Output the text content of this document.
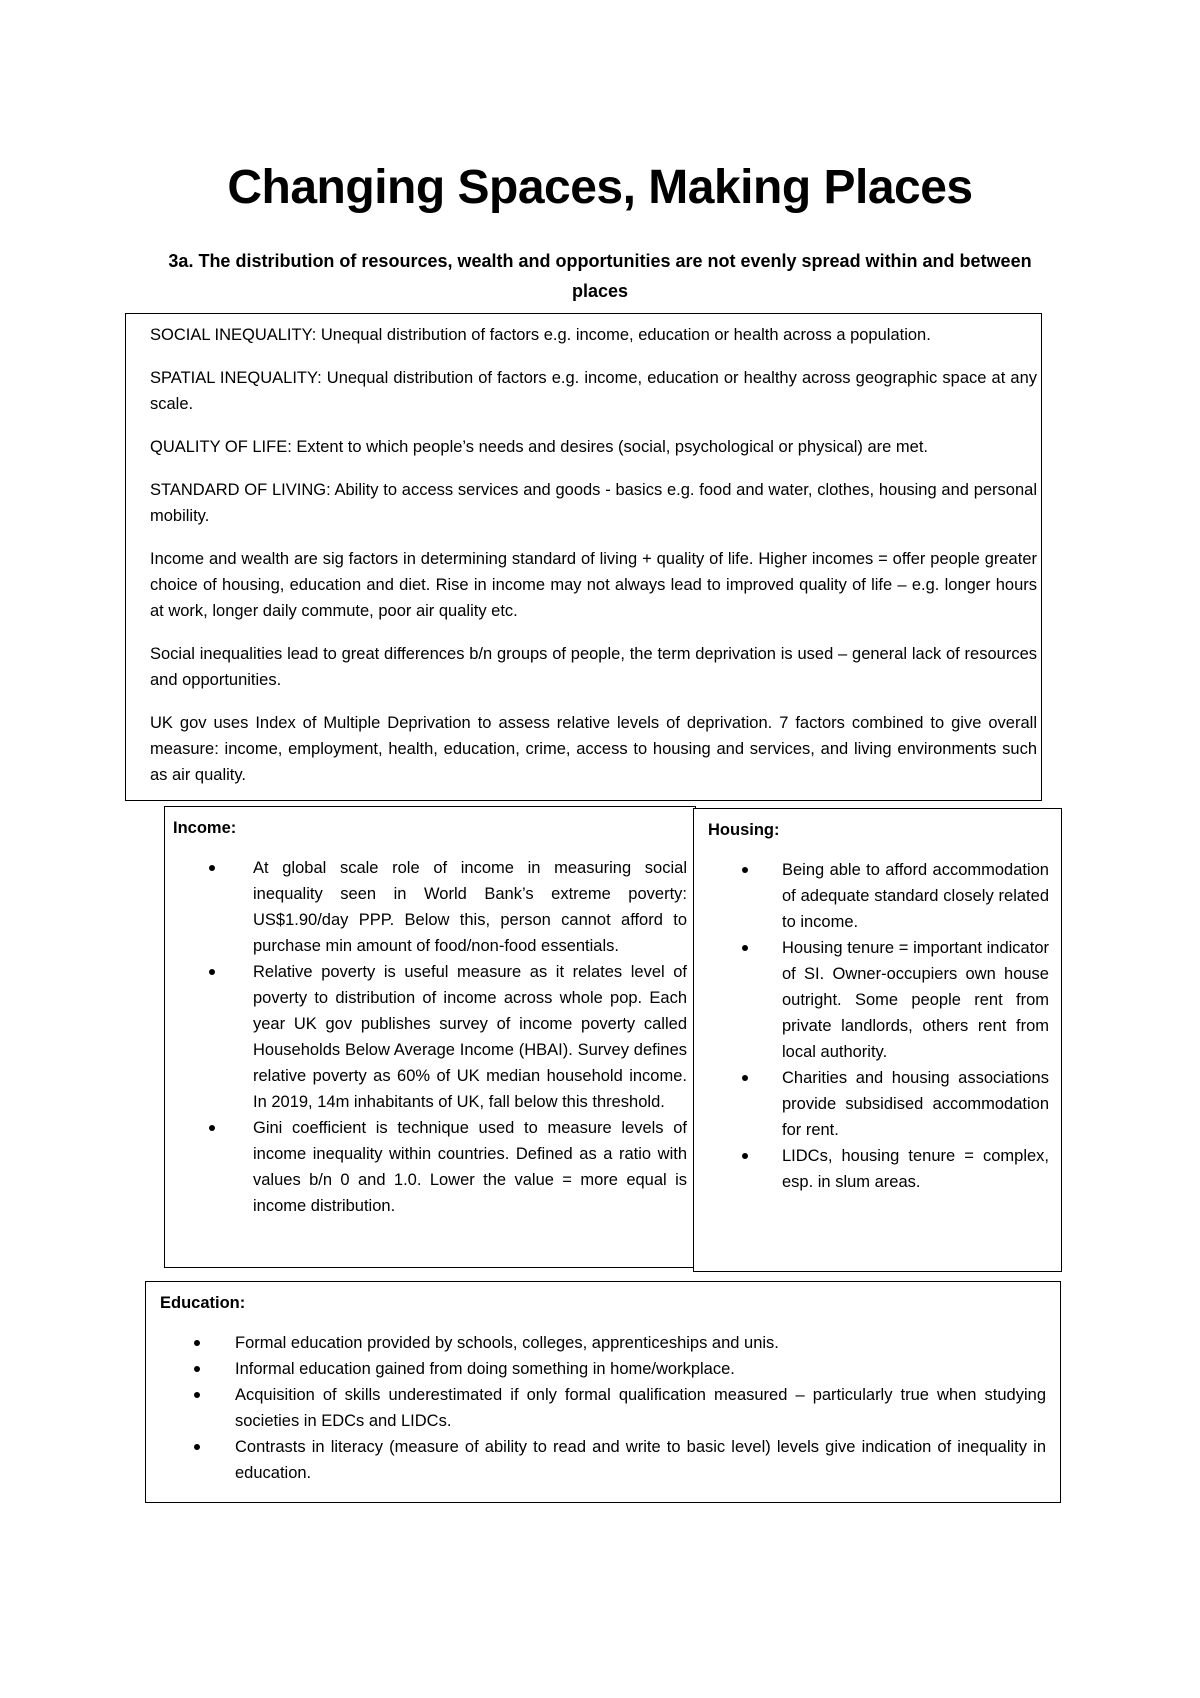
Changing Spaces, Making Places
3a. The distribution of resources, wealth and opportunities are not evenly spread within and between places

SOCIAL INEQUALITY: Unequal distribution of factors e.g. income, education or health across a population.

SPATIAL INEQUALITY: Unequal distribution of factors e.g. income, education or healthy across geographic space at any scale.

QUALITY OF LIFE: Extent to which people’s needs and desires (social, psychological or physical) are met.

STANDARD OF LIVING: Ability to access services and goods - basics e.g. food and water, clothes, housing and personal mobility.

Income and wealth are sig factors in determining standard of living + quality of life. Higher incomes = offer people greater choice of housing, education and diet. Rise in income may not always lead to improved quality of life – e.g. longer hours at work, longer daily commute, poor air quality etc.

Social inequalities lead to great differences b/n groups of people, the term deprivation is used – general lack of resources and opportunities.

UK gov uses Index of Multiple Deprivation to assess relative levels of deprivation. 7 factors combined to give overall measure: income, employment, health, education, crime, access to housing and services, and living environments such as air quality.

Income:
At global scale role of income in measuring social inequality seen in World Bank’s extreme poverty: US$1.90/day PPP. Below this, person cannot afford to purchase min amount of food/non-food essentials.
Relative poverty is useful measure as it relates level of poverty to distribution of income across whole pop. Each year UK gov publishes survey of income poverty called Households Below Average Income (HBAI). Survey defines relative poverty as 60% of UK median household income. In 2019, 14m inhabitants of UK, fall below this threshold.
Gini coefficient is technique used to measure levels of income inequality within countries. Defined as a ratio with values b/n 0 and 1.0. Lower the value = more equal is income distribution.
Housing:
Being able to afford accommodation of adequate standard closely related to income.
Housing tenure = important indicator of SI. Owner-occupiers own house outright. Some people rent from private landlords, others rent from local authority.
Charities and housing associations provide subsidised accommodation for rent.
LIDCs, housing tenure = complex, esp. in slum areas.
Education:
Formal education provided by schools, colleges, apprenticeships and unis.
Informal education gained from doing something in home/workplace.
Acquisition of skills underestimated if only formal qualification measured – particularly true when studying societies in EDCs and LIDCs.
Contrasts in literacy (measure of ability to read and write to basic level) levels give indication of inequality in education.
